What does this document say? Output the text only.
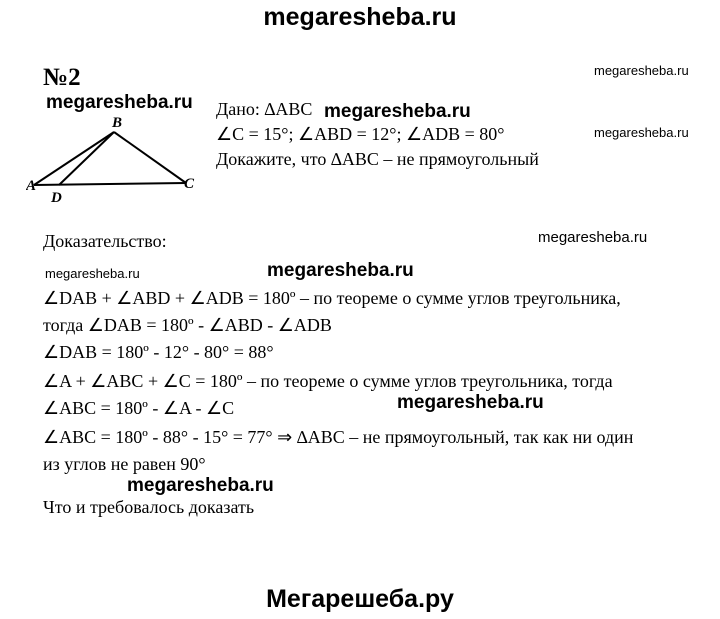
megaresheba.ru
Мегарешеба.ру
№2
B
A	C
D
Дано: ∆ABC
∠C = 15°; ∠ABD = 12°; ∠ADB = 80°
Докажите, что ∆ABC – не прямоугольный
Доказательство:
∠DAB + ∠ABD + ∠ADB = 180º – по теореме о сумме углов треугольника,
тогда ∠DAB = 180º - ∠ABD - ∠ADB
∠DAB = 180º - 12° - 80° = 88°
∠A + ∠ABC + ∠C = 180º – по теореме о сумме углов треугольника, тогда
∠ABC = 180º - ∠A - ∠C
∠ABC = 180º - 88° - 15° = 77° ⇒ ∆ABC – не прямоугольный, так как ни один
из углов не равен 90°
Что и требовалось доказать
megaresheba.ru
megaresheba.ru	megaresheba.ru
megaresheba.ru
megaresheba.ru
megaresheba.ru	megaresheba.ru
megaresheba.ru
megaresheba.ru
